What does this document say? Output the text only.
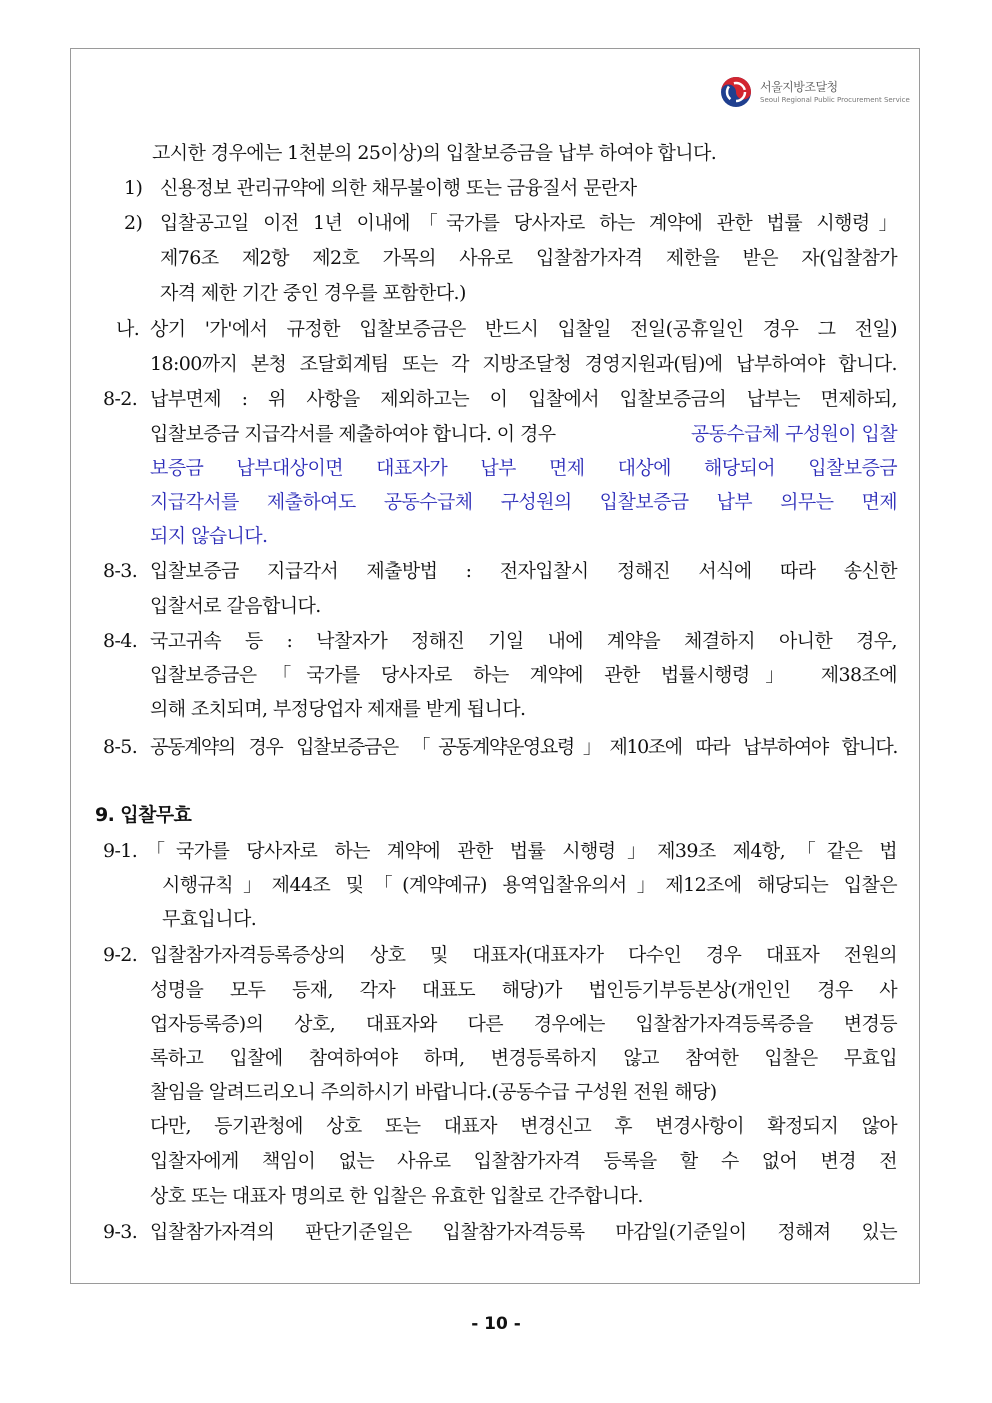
서울지방조달청
Seoul Regional Public Procurement Service
고시한 경우에는 1천분의 25이상)의 입찰보증금을 납부 하여야 합니다.
1) 신용정보 관리규약에 의한 채무불이행 또는 금융질서 문란자
2) 입찰공고일 이전 1년 이내에「국가를 당사자로 하는 계약에 관한 법률 시행령」
제76조 제2항 제2호 가목의 사유로 입찰참가자격 제한을 받은 자(입찰참가
자격 제한 기간 중인 경우를 포함한다.)
나. 상기 '가'에서 규정한 입찰보증금은 반드시 입찰일 전일(공휴일인 경우 그 전일)
18:00까지 본청 조달회계팀 또는 각 지방조달청 경영지원과(팀)에 납부하여야 합니다.
8-2. 납부면제 : 위 사항을 제외하고는 이 입찰에서 입찰보증금의 납부는 면제하되,
입찰보증금 지급각서를 제출하여야 합니다. 이 경우	공동수급체 구성원이 입찰
보증금 납부대상이면 대표자가 납부 면제 대상에 해당되어 입찰보증금
지급각서를 제출하여도 공동수급체 구성원의 입찰보증금 납부 의무는 면제
되지 않습니다.
8-3. 입찰보증금 지급각서 제출방법 : 전자입찰시 정해진 서식에 따라 송신한
입찰서로 갈음합니다.
8-4. 국고귀속 등 : 낙찰자가 정해진 기일 내에 계약을 체결하지 아니한 경우,
입찰보증금은「국가를 당사자로 하는 계약에 관한 법률시행령」 제38조에
의해 조치되며, 부정당업자 제재를 받게 됩니다.
8-5. 공동계약의 경우 입찰보증금은 「공동계약운영요령」제10조에 따라 납부하여야 합니다.
9. 입찰무효
9-1. 「국가를 당사자로 하는 계약에 관한 법률 시행령」제39조 제4항,「같은 법
시행규칙」제44조 및「(계약예규) 용역입찰유의서」제12조에 해당되는 입찰은
무효입니다.
9-2. 입찰참가자격등록증상의 상호 및 대표자(대표자가 다수인 경우 대표자 전원의
성명을 모두 등재, 각자 대표도 해당)가 법인등기부등본상(개인인 경우 사
업자등록증)의 상호, 대표자와 다른 경우에는 입찰참가자격등록증을 변경등
록하고 입찰에 참여하여야 하며, 변경등록하지 않고 참여한 입찰은 무효입
찰임을 알려드리오니 주의하시기 바랍니다.(공동수급 구성원 전원 해당)
다만, 등기관청에 상호 또는 대표자 변경신고 후 변경사항이 확정되지 않아
입찰자에게 책임이 없는 사유로 입찰참가자격 등록을 할 수 없어 변경 전
상호 또는 대표자 명의로 한 입찰은 유효한 입찰로 간주합니다.
9-3. 입찰참가자격의 판단기준일은 입찰참가자격등록 마감일(기준일이 정해져 있는
- 10 -
